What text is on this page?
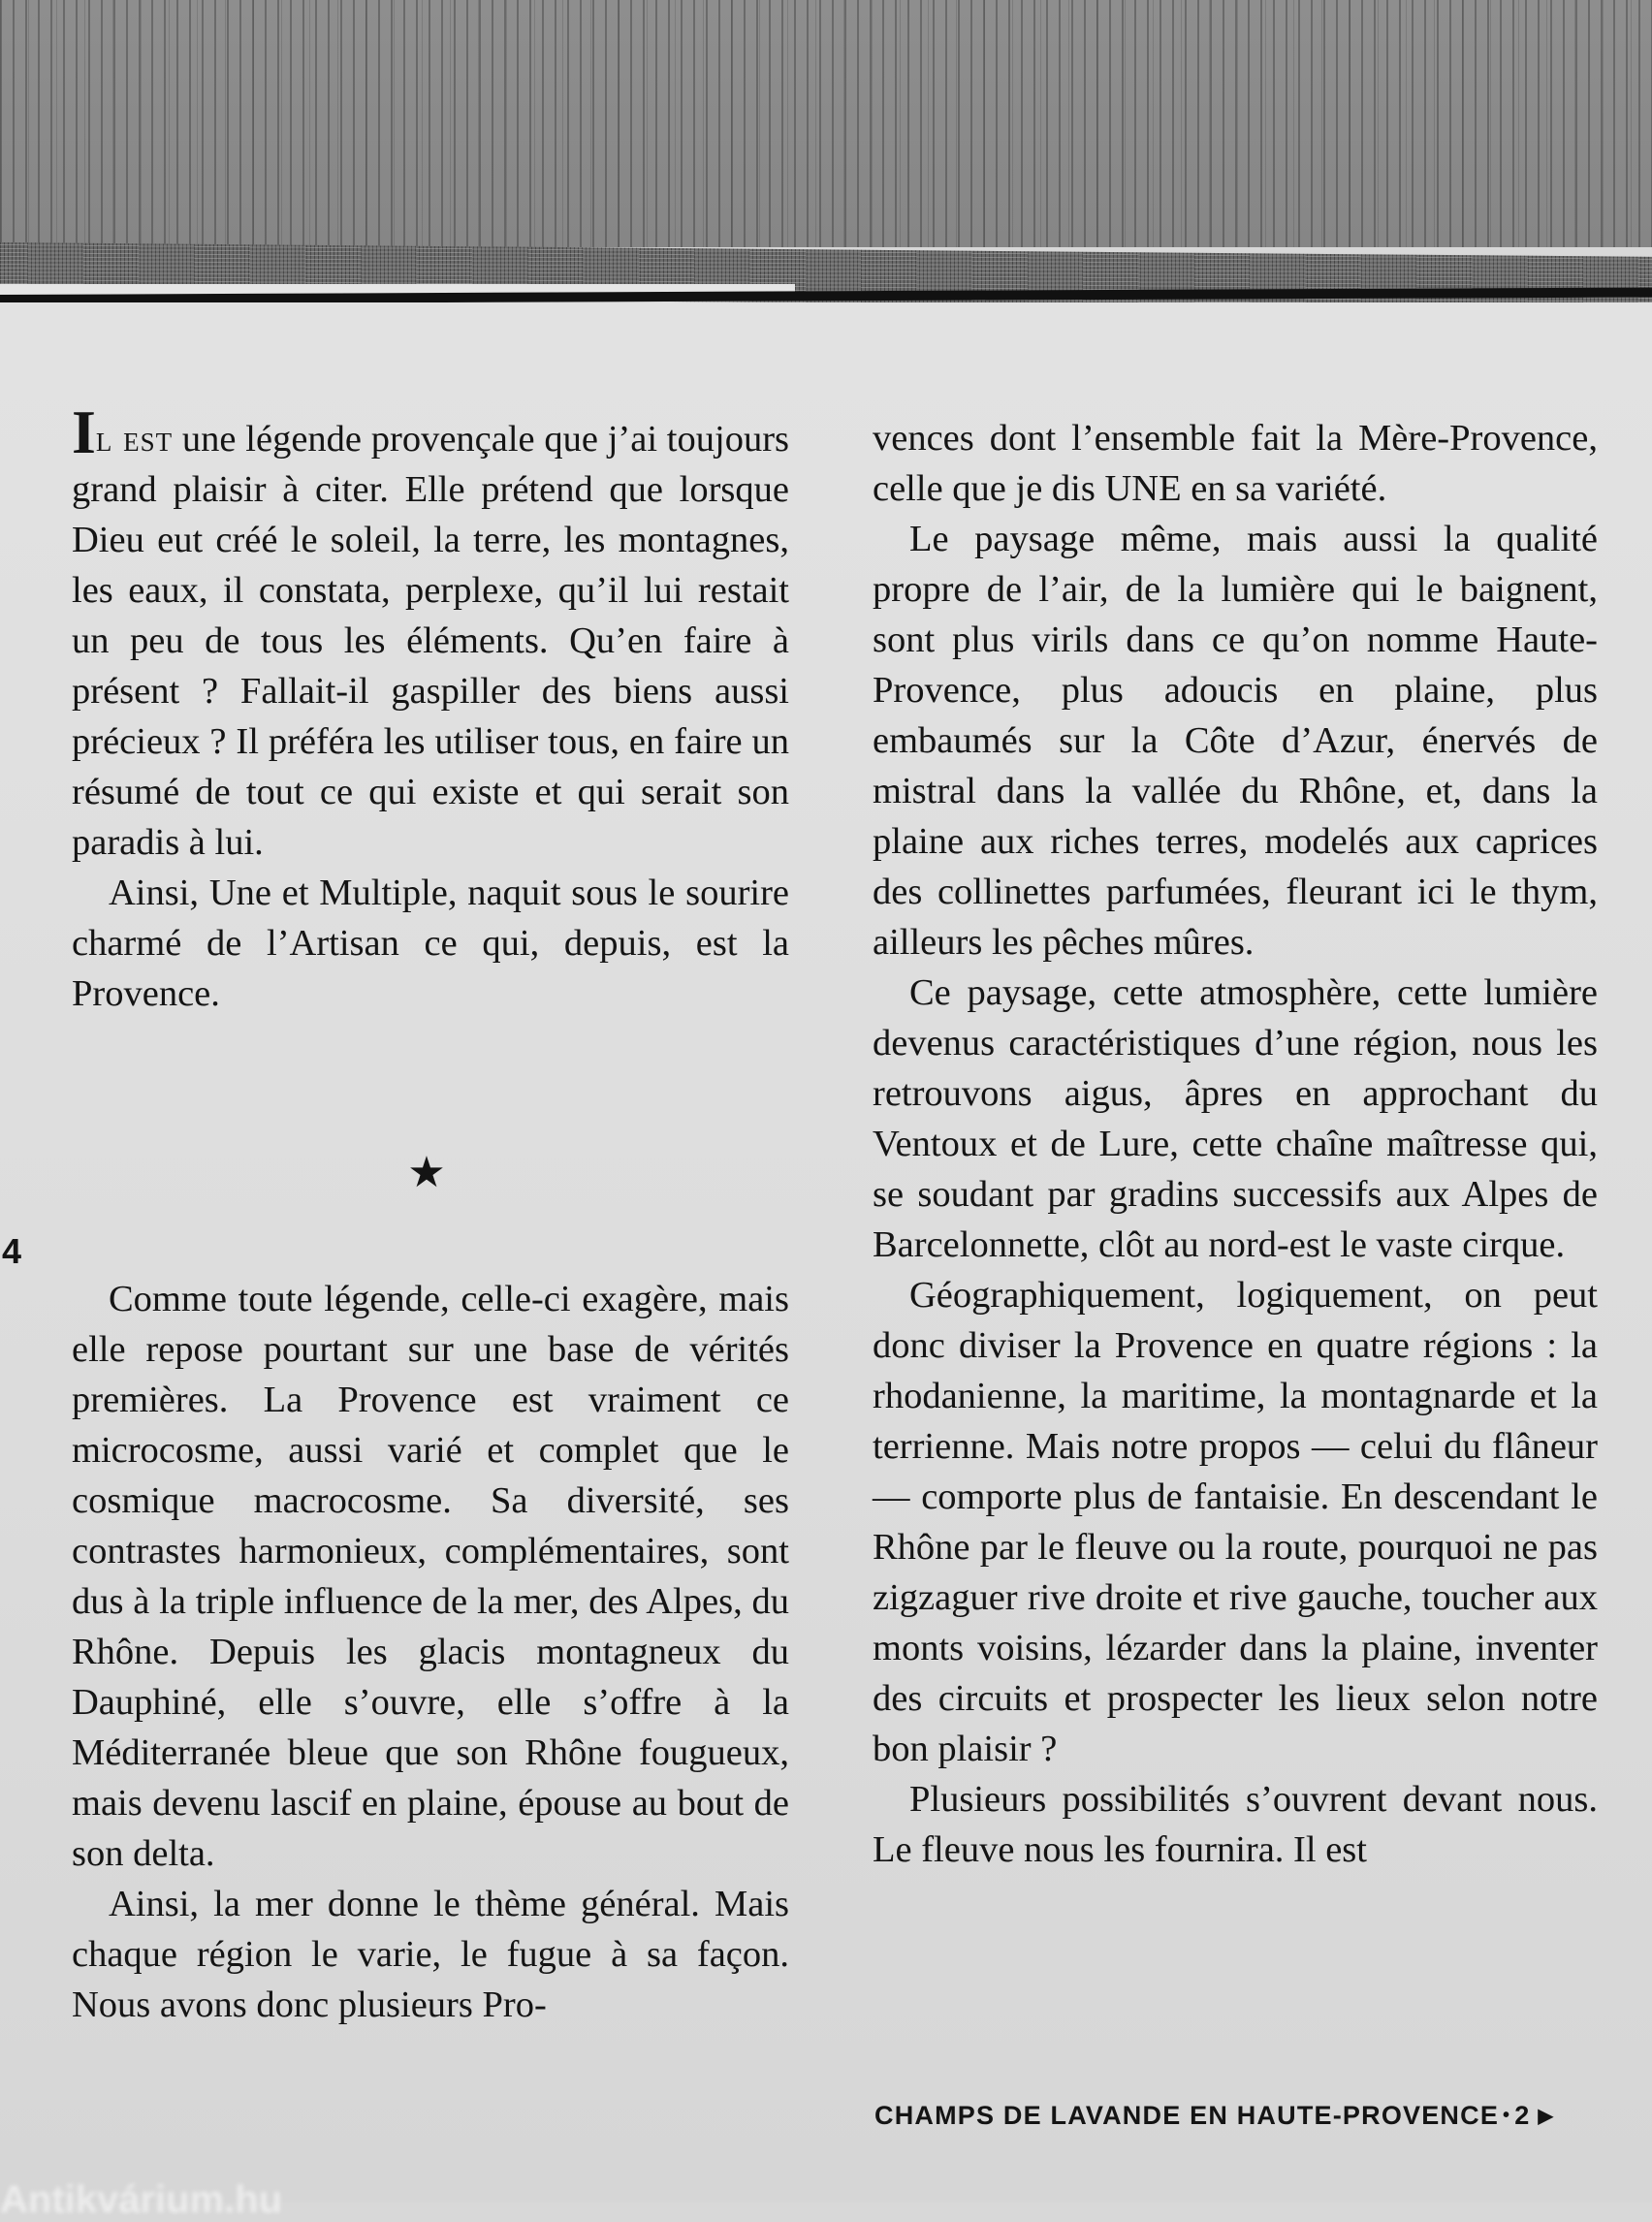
Il est une légende provençale que j’ai toujours grand plaisir à citer. Elle prétend que lorsque Dieu eut créé le soleil, la terre, les montagnes, les eaux, il constata, perplexe, qu’il lui restait un peu de tous les éléments. Qu’en faire à présent ? Fallait-il gaspiller des biens aussi précieux ? Il préféra les utiliser tous, en faire un résumé de tout ce qui existe et qui serait son paradis à lui.

Ainsi, Une et Multiple, naquit sous le sourire charmé de l’Artisan ce qui, depuis, est la Provence.

★
4

Comme toute légende, celle-ci exagère, mais elle repose pourtant sur une base de vérités premières. La Provence est vraiment ce microcosme, aussi varié et complet que le cosmique macrocosme. Sa diversité, ses contrastes harmonieux, complémentaires, sont dus à la triple influence de la mer, des Alpes, du Rhône. Depuis les glacis montagneux du Dauphiné, elle s’ouvre, elle s’offre à la Méditerranée bleue que son Rhône fougueux, mais devenu lascif en plaine, épouse au bout de son delta.

Ainsi, la mer donne le thème général. Mais chaque région le varie, le fugue à sa façon. Nous avons donc plusieurs Pro-

vences dont l’ensemble fait la Mère-Provence, celle que je dis UNE en sa variété.

Le paysage même, mais aussi la qualité propre de l’air, de la lumière qui le baignent, sont plus virils dans ce qu’on nomme Haute-Provence, plus adoucis en plaine, plus embaumés sur la Côte d’Azur, énervés de mistral dans la vallée du Rhône, et, dans la plaine aux riches terres, modelés aux caprices des collinettes parfumées, fleurant ici le thym, ailleurs les pêches mûres.

Ce paysage, cette atmosphère, cette lumière devenus caractéristiques d’une région, nous les retrouvons aigus, âpres en approchant du Ventoux et de Lure, cette chaîne maîtresse qui, se soudant par gradins successifs aux Alpes de Barcelonnette, clôt au nord-est le vaste cirque.

Géographiquement, logiquement, on peut donc diviser la Provence en quatre régions : la rhodanienne, la maritime, la montagnarde et la terrienne. Mais notre propos — celui du flâneur — comporte plus de fantaisie. En descendant le Rhône par le fleuve ou la route, pourquoi ne pas zigzaguer rive droite et rive gauche, toucher aux monts voisins, lézarder dans la plaine, inventer des circuits et prospecter les lieux selon notre bon plaisir ?

Plusieurs possibilités s’ouvrent devant nous. Le fleuve nous les fournira. Il est

CHAMPS DE LAVANDE EN HAUTE-PROVENCE • 2 ▶
Antikvárium.hu
